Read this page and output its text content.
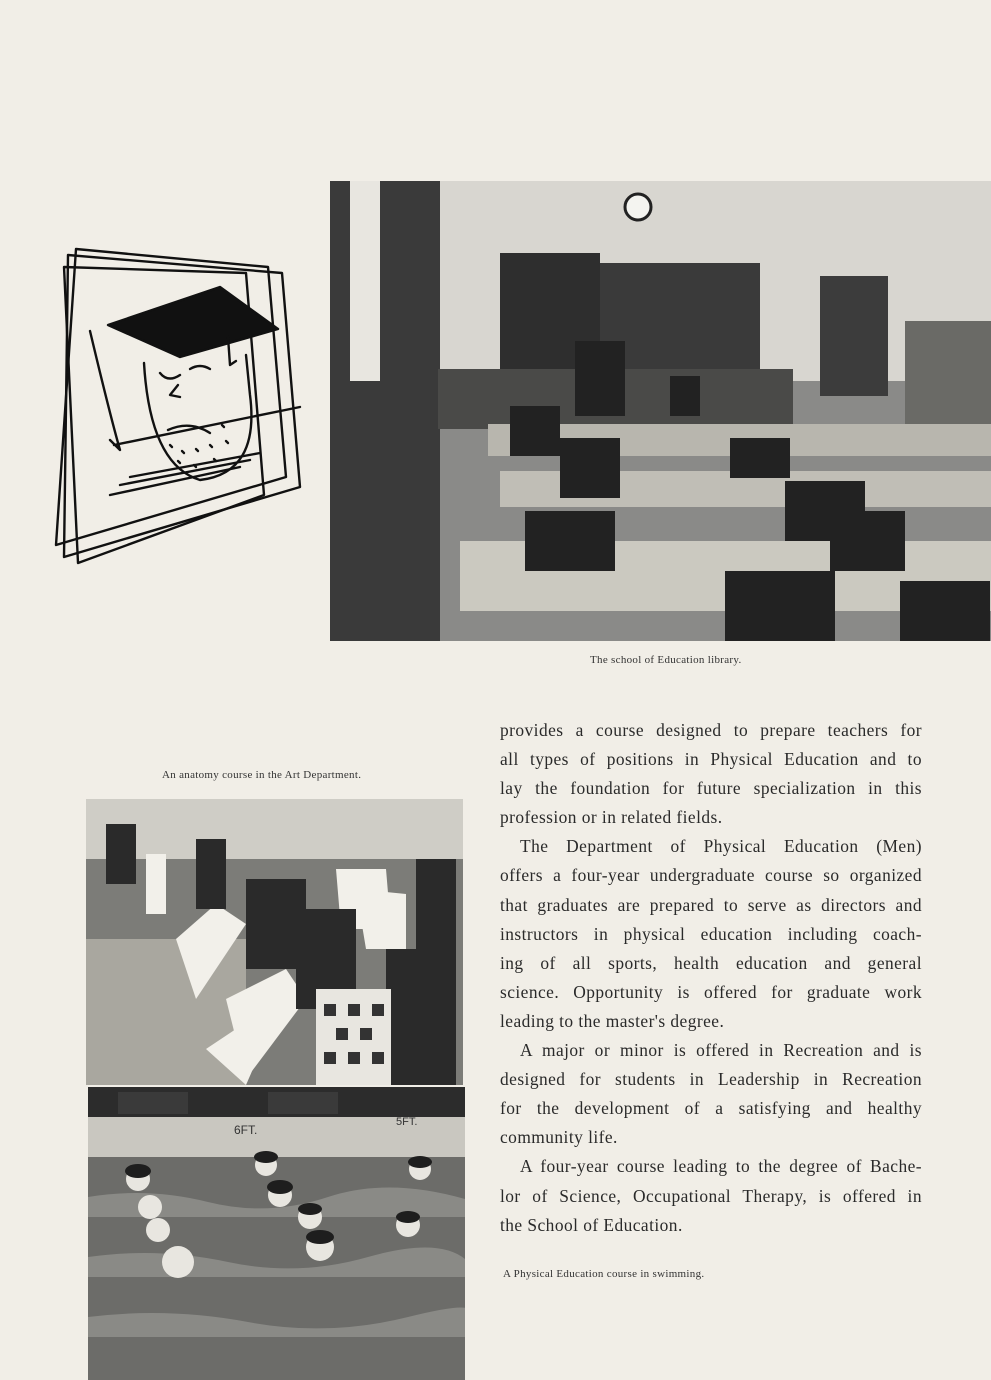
The school of Education library.
An anatomy course in the Art Department.
6FT.
5FT.

provides a course designed to prepare teachers for
all types of positions in Physical Education and to
lay the foundation for future specialization in this
profession or in related fields.

The Department of Physical Education (Men)
offers a four-year undergraduate course so organized
that graduates are prepared to serve as directors and
instructors in physical education including coach-
ing of all sports, health education and general
science. Opportunity is offered for graduate work
leading to the master's degree.

A major or minor is offered in Recreation and is
designed for students in Leadership in Recreation
for the development of a satisfying and healthy
community life.

A four-year course leading to the degree of Bache-
lor of Science, Occupational Therapy, is offered in
the School of Education.

A Physical Education course in swimming.
